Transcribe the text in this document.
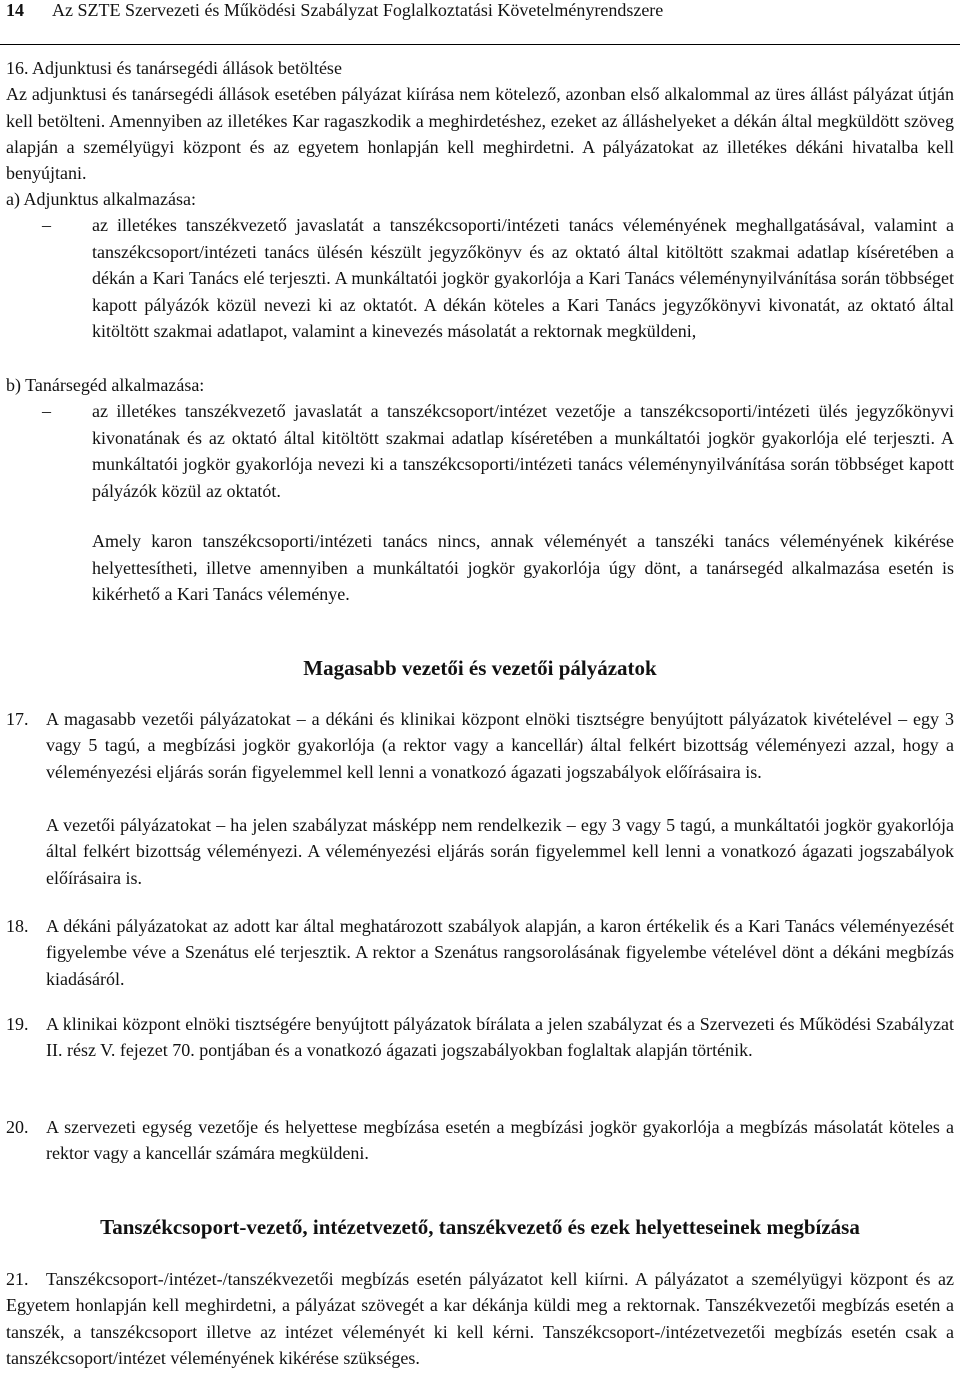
14 Az SZTE Szervezeti és Működési Szabályzat Foglalkoztatási Követelményrendszere
16. Adjunktusi és tanársegédi állások betöltése

Az adjunktusi és tanársegédi állások esetében pályázat kiírása nem kötelező, azonban első alkalommal az üres állást pályázat útján kell betölteni. Amennyiben az illetékes Kar ragaszkodik a meghirdetéshez, ezeket az álláshelyeket a dékán által megküldött szöveg alapján a személyügyi központ és az egyetem honlapján kell meghirdetni. A pályázatokat az illetékes dékáni hivatalba kell benyújtani.

a) Adjunktus alkalmazása:
– az illetékes tanszékvezető javaslatát a tanszékcsoporti/intézeti tanács véleményének meghallgatásával, valamint a tanszékcsoport/intézeti tanács ülésén készült jegyzőkönyv és az oktató által kitöltött szakmai adatlap kíséretében a dékán a Kari Tanács elé terjeszti. A munkáltatói jogkör gyakorlója a Kari Tanács véleménynyilvánítása során többséget kapott pályázók közül nevezi ki az oktatót. A dékán köteles a Kari Tanács jegyzőkönyvi kivonatát, az oktató által kitöltött szakmai adatlapot, valamint a kinevezés másolatát a rektornak megküldeni,

b) Tanársegéd alkalmazása:
– az illetékes tanszékvezető javaslatát a tanszékcsoport/intézet vezetője a tanszékcsoporti/intézeti ülés jegyzőkönyvi kivonatának és az oktató által kitöltött szakmai adatlap kíséretében a munkáltatói jogkör gyakorlója elé terjeszti. A munkáltatói jogkör gyakorlója nevezi ki a tanszékcsoporti/intézeti tanács véleménynyilvánítása során többséget kapott pályázók közül az oktatót.

Amely karon tanszékcsoporti/intézeti tanács nincs, annak véleményét a tanszéki tanács véleményének kikérése helyettesítheti, illetve amennyiben a munkáltatói jogkör gyakorlója úgy dönt, a tanársegéd alkalmazása esetén is kikérhető a Kari Tanács véleménye.

Magasabb vezetői és vezetői pályázatok
17. A magasabb vezetői pályázatokat – a dékáni és klinikai központ elnöki tisztségre benyújtott pályázatok kivételével – egy 3 vagy 5 tagú, a megbízási jogkör gyakorlója (a rektor vagy a kancellár) által felkért bizottság véleményezi azzal, hogy a véleményezési eljárás során figyelemmel kell lenni a vonatkozó ágazati jogszabályok előírásaira is.

A vezetői pályázatokat – ha jelen szabályzat másképp nem rendelkezik – egy 3 vagy 5 tagú, a munkáltatói jogkör gyakorlója által felkért bizottság véleményezi. A véleményezési eljárás során figyelemmel kell lenni a vonatkozó ágazati jogszabályok előírásaira is.

18. A dékáni pályázatokat az adott kar által meghatározott szabályok alapján, a karon értékelik és a Kari Tanács véleményezését figyelembe véve a Szenátus elé terjesztik. A rektor a Szenátus rangsorolásának figyelembe vételével dönt a dékáni megbízás kiadásáról.

19. A klinikai központ elnöki tisztségére benyújtott pályázatok bírálata a jelen szabályzat és a Szervezeti és Működési Szabályzat II. rész V. fejezet 70. pontjában és a vonatkozó ágazati jogszabályokban foglaltak alapján történik.

20. A szervezeti egység vezetője és helyettese megbízása esetén a megbízási jogkör gyakorlója a megbízás másolatát köteles a rektor vagy a kancellár számára megküldeni.

Tanszékcsoport-vezető, intézetvezető, tanszékvezető és ezek helyetteseinek megbízása
21. Tanszékcsoport-/intézet-/tanszékvezetői megbízás esetén pályázatot kell kiírni. A pályázatot a személyügyi központ és az Egyetem honlapján kell meghirdetni, a pályázat szövegét a kar dékánja küldi meg a rektornak. Tanszékvezetői megbízás esetén a tanszék, a tanszékcsoport illetve az intézet véleményét ki kell kérni. Tanszékcsoport-/intézetvezetői megbízás esetén csak a tanszékcsoport/intézet véleményének kikérése szükséges.
